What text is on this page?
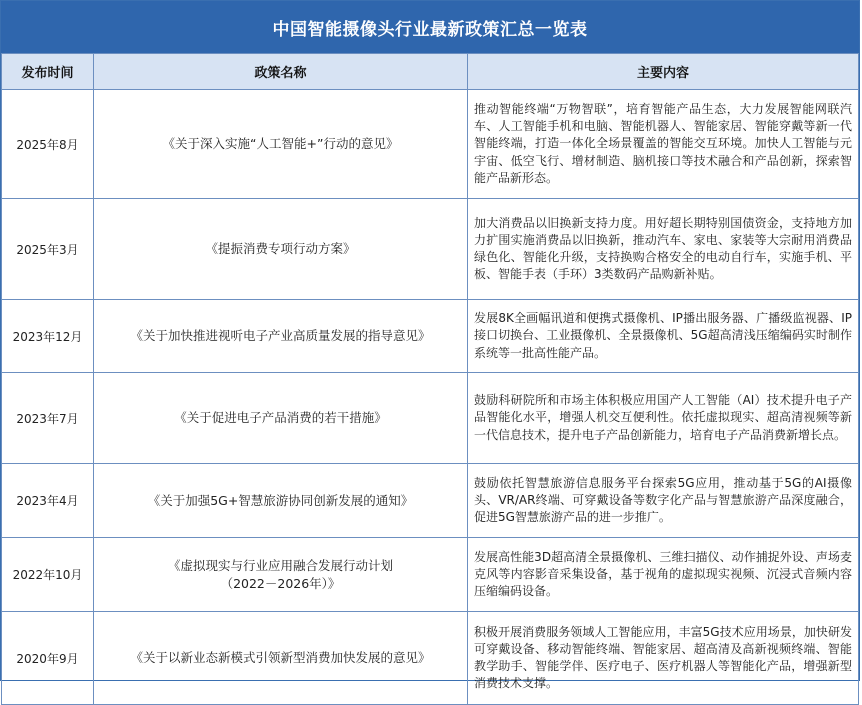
中国智能摄像头行业最新政策汇总一览表
发布时间	政策名称	主要内容
2025年8月	《关于深入实施“人工智能+”行动的意见》	推动智能终端“万物智联”，培育智能产品生态，大力发展智能网联汽车、人工智能手机和电脑、智能机器人、智能家居、智能穿戴等新一代智能终端，打造一体化全场景覆盖的智能交互环境。加快人工智能与元宇宙、低空飞行、增材制造、脑机接口等技术融合和产品创新，探索智能产品新形态。
2025年3月	《提振消费专项行动方案》	加大消费品以旧换新支持力度。用好超长期特别国债资金，支持地方加力扩围实施消费品以旧换新，推动汽车、家电、家装等大宗耐用消费品绿色化、智能化升级，支持换购合格安全的电动自行车，实施手机、平板、智能手表（手环）3类数码产品购新补贴。
2023年12月	《关于加快推进视听电子产业高质量发展的指导意见》	发展8K全画幅讯道和便携式摄像机、IP播出服务器、广播级监视器、IP接口切换台、工业摄像机、全景摄像机、5G超高清浅压缩编码实时制作系统等一批高性能产品。
2023年7月	《关于促进电子产品消费的若干措施》	鼓励科研院所和市场主体积极应用国产人工智能（AI）技术提升电子产品智能化水平，增强人机交互便利性。依托虚拟现实、超高清视频等新一代信息技术，提升电子产品创新能力，培育电子产品消费新增长点。
2023年4月	《关于加强5G+智慧旅游协同创新发展的通知》	鼓励依托智慧旅游信息服务平台探索5G应用，推动基于5G的AI摄像头、VR/AR终端、可穿戴设备等数字化产品与智慧旅游产品深度融合，促进5G智慧旅游产品的进一步推广。
2022年10月	《虚拟现实与行业应用融合发展行动计划
（2022－2026年）》	发展高性能3D超高清全景摄像机、三维扫描仪、动作捕捉外设、声场麦克风等内容影音采集设备，基于视角的虚拟现实视频、沉浸式音频内容压缩编码设备。
2020年9月	《关于以新业态新模式引领新型消费加快发展的意见》	积极开展消费服务领域人工智能应用，丰富5G技术应用场景，加快研发可穿戴设备、移动智能终端、智能家居、超高清及高新视频终端、智能教学助手、智能学伴、医疗电子、医疗机器人等智能化产品，增强新型消费技术支撑。
